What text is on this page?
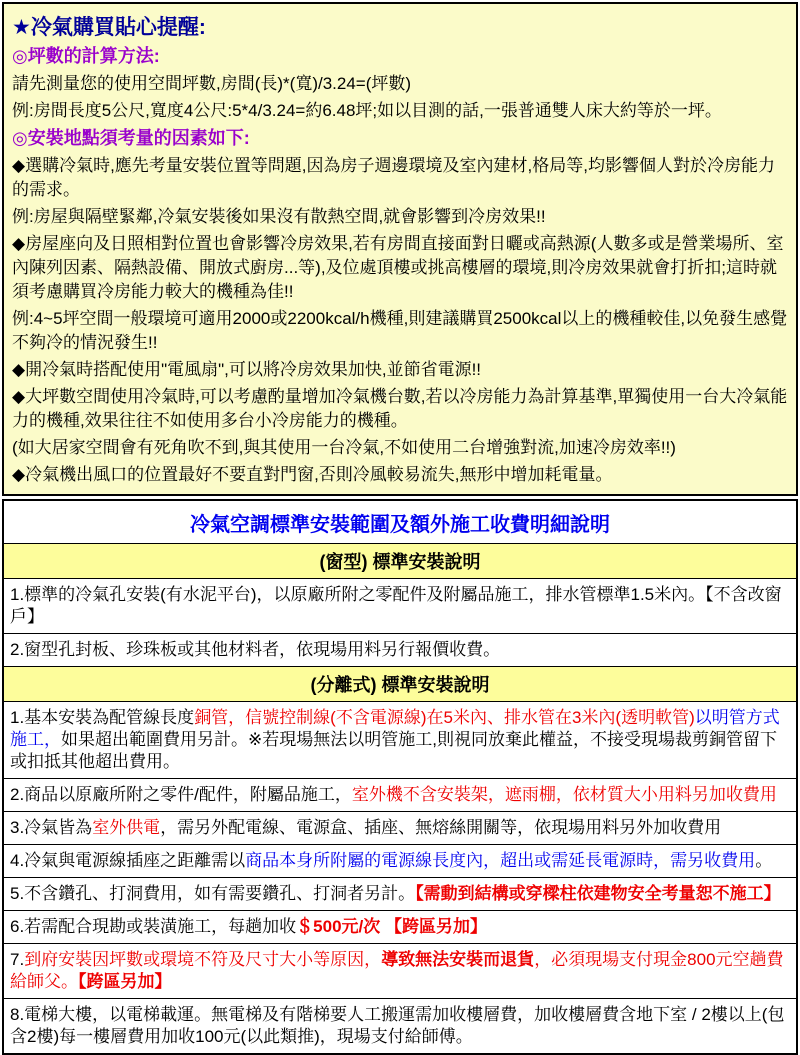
★冷氣購買貼心提醒:

◎坪數的計算方法:

請先測量您的使用空間坪數,房間(長)*(寬)/3.24=(坪數)

例:房間長度5公尺,寬度4公尺:5*4/3.24=約6.48坪;如以目測的話,一張普通雙人床大約等於一坪。

◎安裝地點須考量的因素如下:

◆選購冷氣時,應先考量安裝位置等問題,因為房子週邊環境及室內建材,格局等,均影響個人對於冷房能力的需求。

例:房屋與隔壁緊鄰,冷氣安裝後如果沒有散熱空間,就會影響到冷房效果!!

◆房屋座向及日照相對位置也會影響冷房效果,若有房間直接面對日曬或高熱源(人數多或是營業場所、室內陳列因素、隔熱設備、開放式廚房...等),及位處頂樓或挑高樓層的環境,則冷房效果就會打折扣;這時就須考慮購買冷房能力較大的機種為佳!!

例:4~5坪空間一般環境可適用2000或2200kcal/h機種,則建議購買2500kcal以上的機種較佳,以免發生感覺不夠冷的情況發生!!

◆開冷氣時搭配使用"電風扇",可以將冷房效果加快,並節省電源!!

◆大坪數空間使用冷氣時,可以考慮酌量增加冷氣機台數,若以冷房能力為計算基準,單獨使用一台大冷氣能力的機種,效果往往不如使用多台小冷房能力的機種。

(如大居家空間會有死角吹不到,與其使用一台冷氣,不如使用二台增強對流,加速冷房效率!!)

◆冷氣機出風口的位置最好不要直對門窗,否則冷風較易流失,無形中增加耗電量。

冷氣空調標準安裝範圍及額外施工收費明細說明
(窗型) 標準安裝說明
1.標準的冷氣孔安裝(有水泥平台)，以原廠所附之零配件及附屬品施工，排水管標準1.5米內。【不含改窗戶】
2.窗型孔封板、珍珠板或其他材料者，依現場用料另行報價收費。
(分離式) 標準安裝說明
1.基本安裝為配管線長度銅管，信號控制線(不含電源線)在5米內、排水管在3米內(透明軟管)以明管方式施工，如果超出範圍費用另計。※若現場無法以明管施工,則視同放棄此權益，不接受現場裁剪銅管留下或扣抵其他超出費用。
2.商品以原廠所附之零件/配件，附屬品施工，室外機不含安裝架，遮雨棚，依材質大小用料另加收費用
3.冷氣皆為室外供電，需另外配電線、電源盒、插座、無熔絲開關等，依現場用料另外加收費用
4.冷氣與電源線插座之距離需以商品本身所附屬的電源線長度內，超出或需延長電源時，需另收費用。
5.不含鑽孔、打洞費用，如有需要鑽孔、打洞者另計。【需動到結構或穿樑柱依建物安全考量恕不施工】
6.若需配合現勘或裝潢施工，每趟加收＄500元/次 【跨區另加】
7.到府安裝因坪數或環境不符及尺寸大小等原因，導致無法安裝而退貨，必須現場支付現金800元空趟費給師父。【跨區另加】
8.電梯大樓，以電梯載運。無電梯及有階梯要人工搬運需加收樓層費，加收樓層費含地下室 / 2樓以上(包含2樓)每一樓層費用加收100元(以此類推)，現場支付給師傅。
